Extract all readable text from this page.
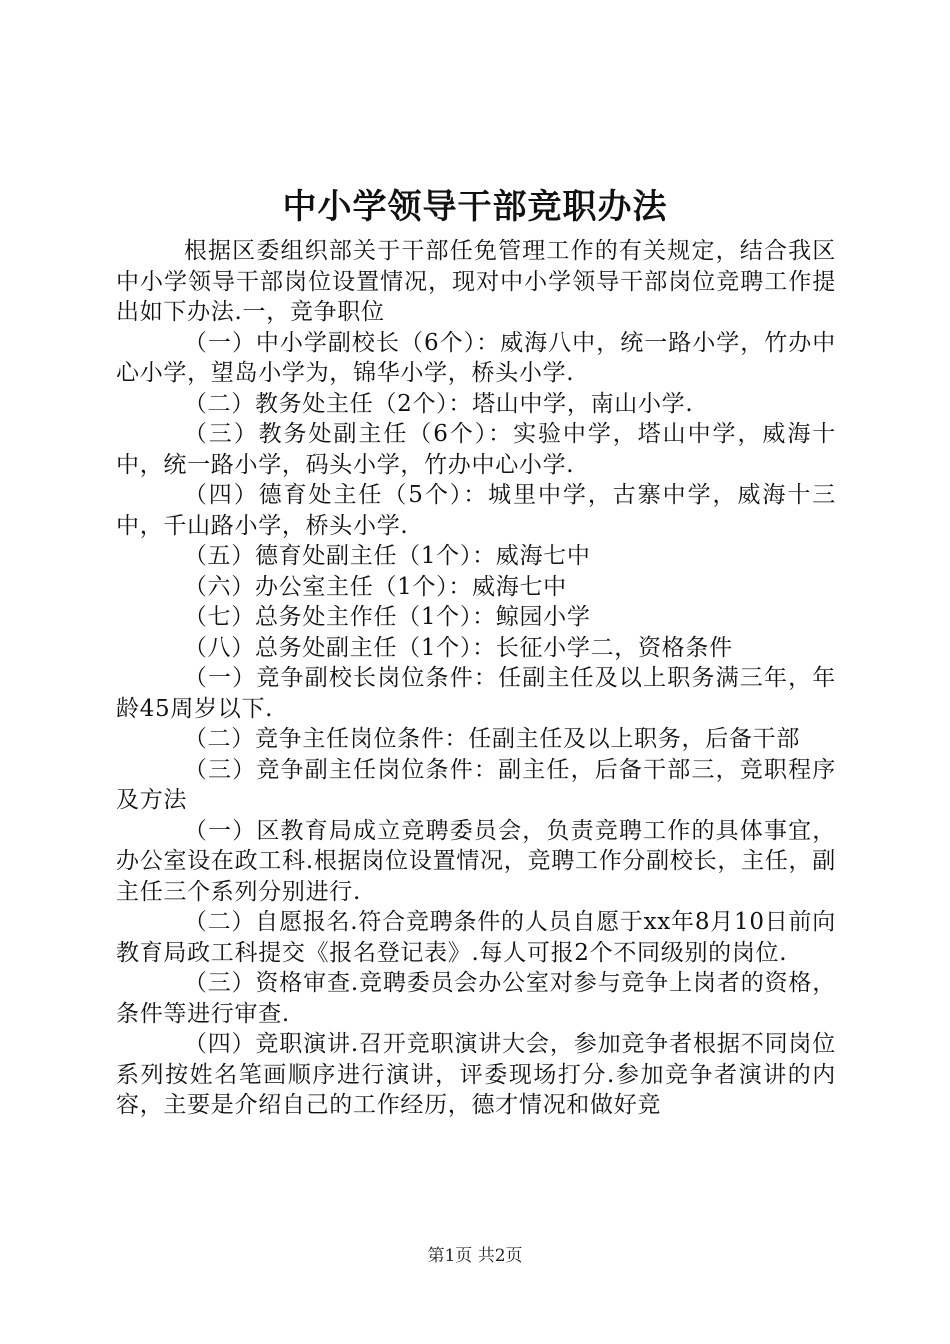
中小学领导干部竞职办法

根据区委组织部关于干部任免管理工作的有关规定，结合我区中小学领导干部岗位设置情况，现对中小学领导干部岗位竞聘工作提出如下办法.一，竞争职位

（一）中小学副校长（6个）：威海八中，统一路小学，竹办中心小学，望岛小学为，锦华小学，桥头小学.

（二）教务处主任（2个）：塔山中学，南山小学.

（三）教务处副主任（6个）：实验中学，塔山中学，威海十中，统一路小学，码头小学，竹办中心小学.

（四）德育处主任（5个）：城里中学，古寨中学，威海十三中，千山路小学，桥头小学.

（五）德育处副主任（1个）：威海七中

（六）办公室主任（1个）：威海七中

（七）总务处主作任（1个）：鲸园小学

（八）总务处副主任（1个）：长征小学二，资格条件

（一）竞争副校长岗位条件：任副主任及以上职务满三年，年龄45周岁以下.

（二）竞争主任岗位条件：任副主任及以上职务，后备干部

（三）竞争副主任岗位条件：副主任，后备干部三，竞职程序及方法

（一）区教育局成立竞聘委员会，负责竞聘工作的具体事宜，办公室设在政工科.根据岗位设置情况，竞聘工作分副校长，主任，副主任三个系列分别进行.

（二）自愿报名.符合竞聘条件的人员自愿于xx年8月10日前向教育局政工科提交《报名登记表》.每人可报2个不同级别的岗位.

（三）资格审查.竞聘委员会办公室对参与竞争上岗者的资格，条件等进行审查.

（四）竞职演讲.召开竞职演讲大会，参加竞争者根据不同岗位系列按姓名笔画顺序进行演讲，评委现场打分.参加竞争者演讲的内容，主要是介绍自己的工作经历，德才情况和做好竞

第1页 共2页
